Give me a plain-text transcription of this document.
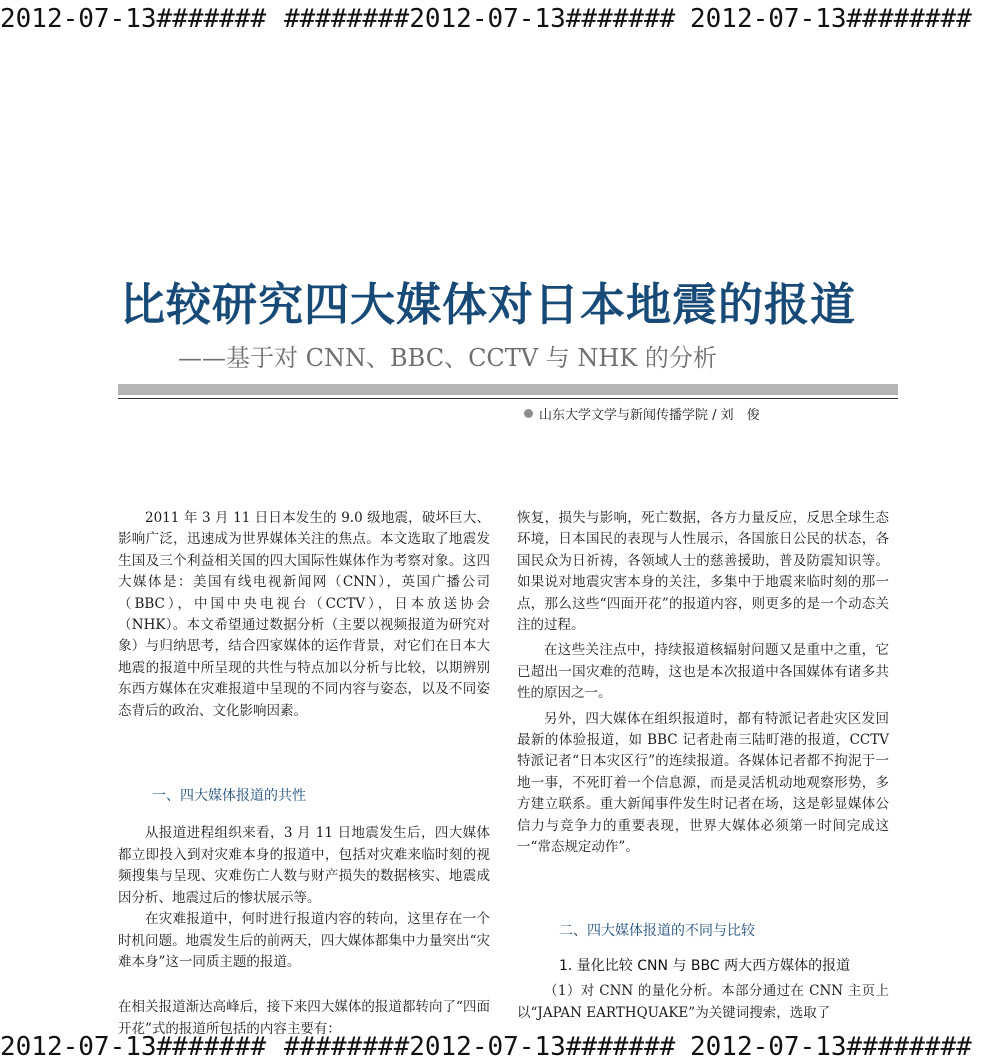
2012-07-13####### ########2012-07-13####### 2012-07-13########
比较研究四大媒体对日本地震的报道
——基于对 CNN、BBC、CCTV 与 NHK 的分析
山东大学文学与新闻传播学院 / 刘　俊

2011 年 3 月 11 日日本发生的 9.0 级地震，破坏巨大、影响广泛，迅速成为世界媒体关注的焦点。本文选取了地震发生国及三个利益相关国的四大国际性媒体作为考察对象。这四大媒体是：美国有线电视新闻网（CNN），英国广播公司（BBC），中国中央电视台（CCTV），日本放送协会（NHK）。本文希望通过数据分析（主要以视频报道为研究对象）与归纳思考，结合四家媒体的运作背景，对它们在日本大地震的报道中所呈现的共性与特点加以分析与比较，以期辨别东西方媒体在灾难报道中呈现的不同内容与姿态，以及不同姿态背后的政治、文化影响因素。

一、四大媒体报道的共性

从报道进程组织来看，3 月 11 日地震发生后，四大媒体都立即投入到对灾难本身的报道中，包括对灾难来临时刻的视频搜集与呈现、灾难伤亡人数与财产损失的数据核实、地震成因分析、地震过后的惨状展示等。

在灾难报道中，何时进行报道内容的转向，这里存在一个时机问题。地震发生后的前两天，四大媒体都集中力量突出“灾难本身”这一同质主题的报道。

在相关报道渐达高峰后，接下来四大媒体的报道都转向了“四面开花”式的报道所包括的内容主要有：

恢复，损失与影响，死亡数据，各方力量反应，反思全球生态环境，日本国民的表现与人性展示，各国旅日公民的状态，各国民众为日祈祷，各领域人士的慈善援助，普及防震知识等。如果说对地震灾害本身的关注，多集中于地震来临时刻的那一点，那么这些“四面开花”的报道内容，则更多的是一个动态关注的过程。

在这些关注点中，持续报道核辐射问题又是重中之重，它已超出一国灾难的范畴，这也是本次报道中各国媒体有诸多共性的原因之一。

另外，四大媒体在组织报道时，都有特派记者赴灾区发回最新的体验报道，如 BBC 记者赴南三陆町港的报道，CCTV 特派记者“日本灾区行”的连续报道。各媒体记者都不拘泥于一地一事，不死盯着一个信息源，而是灵活机动地观察形势，多方建立联系。重大新闻事件发生时记者在场，这是彰显媒体公信力与竞争力的重要表现，世界大媒体必须第一时间完成这一“常态规定动作”。

二、四大媒体报道的不同与比较
1. 量化比较 CNN 与 BBC 两大西方媒体的报道

（1）对 CNN 的量化分析。本部分通过在 CNN 主页上以“JAPAN EARTHQUAKE”为关键词搜索，选取了

2012-07-13####### ########2012-07-13####### 2012-07-13########
